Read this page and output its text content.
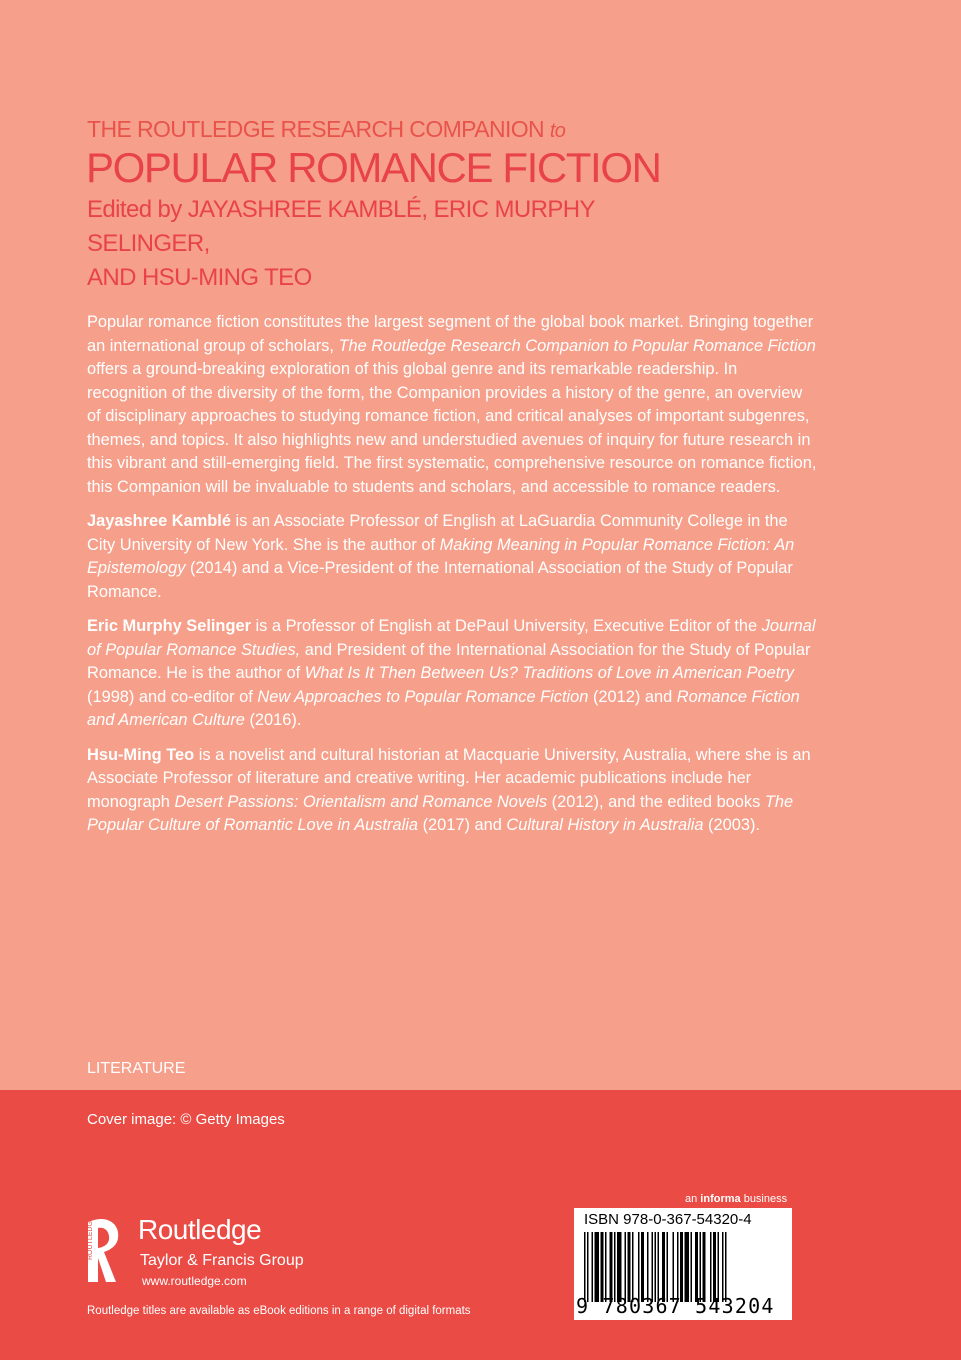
THE ROUTLEDGE RESEARCH COMPANION to
POPULAR ROMANCE FICTION
Edited by JAYASHREE KAMBLÉ, ERIC MURPHY SELINGER,
AND HSU-MING TEO

Popular romance fiction constitutes the largest segment of the global book market. Bringing together an international group of scholars, The Routledge Research Companion to Popular Romance Fiction offers a ground-breaking exploration of this global genre and its remarkable readership. In recognition of the diversity of the form, the Companion provides a history of the genre, an overview of disciplinary approaches to studying romance fiction, and critical analyses of important subgenres, themes, and topics. It also highlights new and understudied avenues of inquiry for future research in this vibrant and still-emerging field. The first systematic, comprehensive resource on romance fiction, this Companion will be invaluable to students and scholars, and accessible to romance readers.

Jayashree Kamblé is an Associate Professor of English at LaGuardia Community College in the City University of New York. She is the author of Making Meaning in Popular Romance Fiction: An Epistemology (2014) and a Vice-President of the International Association of the Study of Popular Romance.

Eric Murphy Selinger is a Professor of English at DePaul University, Executive Editor of the Journal of Popular Romance Studies, and President of the International Association for the Study of Popular Romance. He is the author of What Is It Then Between Us? Traditions of Love in American Poetry (1998) and co-editor of New Approaches to Popular Romance Fiction (2012) and Romance Fiction and American Culture (2016).

Hsu-Ming Teo is a novelist and cultural historian at Macquarie University, Australia, where she is an Associate Professor of literature and creative writing. Her academic publications include her monograph Desert Passions: Orientalism and Romance Novels (2012), and the edited books The Popular Culture of Romantic Love in Australia (2017) and Cultural History in Australia (2003).

LITERATURE
Cover image: © Getty Images
ROUTLEDGE Routledge
Taylor & Francis Group
www.routledge.com
Routledge titles are available as eBook editions in a range of digital formats
an informa business
ISBN 978-0-367-54320-4
9 780367 543204
